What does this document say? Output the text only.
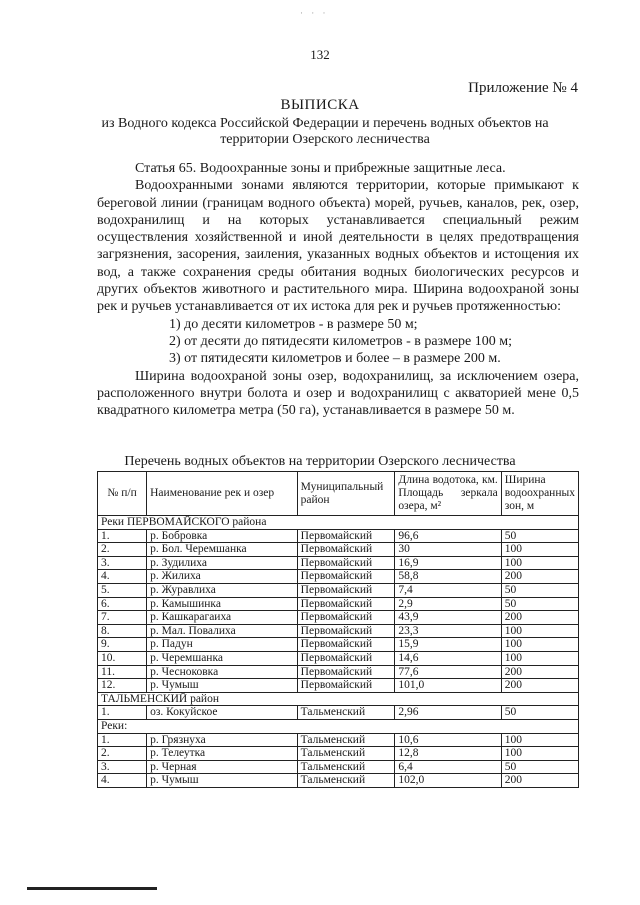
· · ·
132
Приложение № 4
ВЫПИСКА
из Водного кодекса Российской Федерации и перечень водных объектов на территории Озерского лесничества

Статья 65. Водоохранные зоны и прибрежные защитные леса.

Водоохранными зонами являются территории, которые примыкают к береговой линии (границам водного объекта) морей, ручьев, каналов, рек, озер, водохранилищ и на которых устанавливается специальный режим осуществления хозяйственной и иной деятельности в целях предотвращения загрязнения, засорения, заиления, указанных водных объектов и истощения их вод, а также сохранения среды обитания водных биологических ресурсов и других объектов животного и растительного мира. Ширина водоохраной зоны рек и ручьев устанавливается от их истока для рек и ручьев протяженностью:

1) до десяти километров - в размере 50 м;

2) от десяти до пятидесяти километров - в размере 100 м;

3) от пятидесяти километров и более – в размере 200 м.

Ширина водоохраной зоны озер, водохранилищ, за исключением озера, расположенного внутри болота и озер и водохранилищ с акваторией мене 0,5 квадратного километра метра (50 га), устанавливается в размере 50 м.

Перечень водных объектов на территории Озерского лесничества
№ п/п	Наименование рек и озер	Муниципальный район	Длина водотока, км. Площадь зеркала озера, м²	Ширина водоохранных зон, м
Реки ПЕРВОМАЙСКОГО района				
1.	р. Бобровка	Первомайский	96,6	50
2.	р. Бол. Черемшанка	Первомайский	30	100
3.	р. Зудилиха	Первомайский	16,9	100
4.	р. Жилиха	Первомайский	58,8	200
5.	р. Журавлиха	Первомайский	7,4	50
6.	р. Камышинка	Первомайский	2,9	50
7.	р. Кашкарагаиха	Первомайский	43,9	200
8.	р. Мал. Повалиха	Первомайский	23,3	100
9.	р. Падун	Первомайский	15,9	100
10.	р. Черемшанка	Первомайский	14,6	100
11.	р. Чесноковка	Первомайский	77,6	200
12.	р. Чумыш	Первомайский	101,0	200
ТАЛЬМЕНСКИЙ район				
1.	оз. Кокуйское	Тальменский	2,96	50
Реки:				
1.	р. Грязнуха	Тальменский	10,6	100
2.	р. Телеутка	Тальменский	12,8	100
3.	р. Черная	Тальменский	6,4	50
4.	р. Чумыш	Тальменский	102,0	200
